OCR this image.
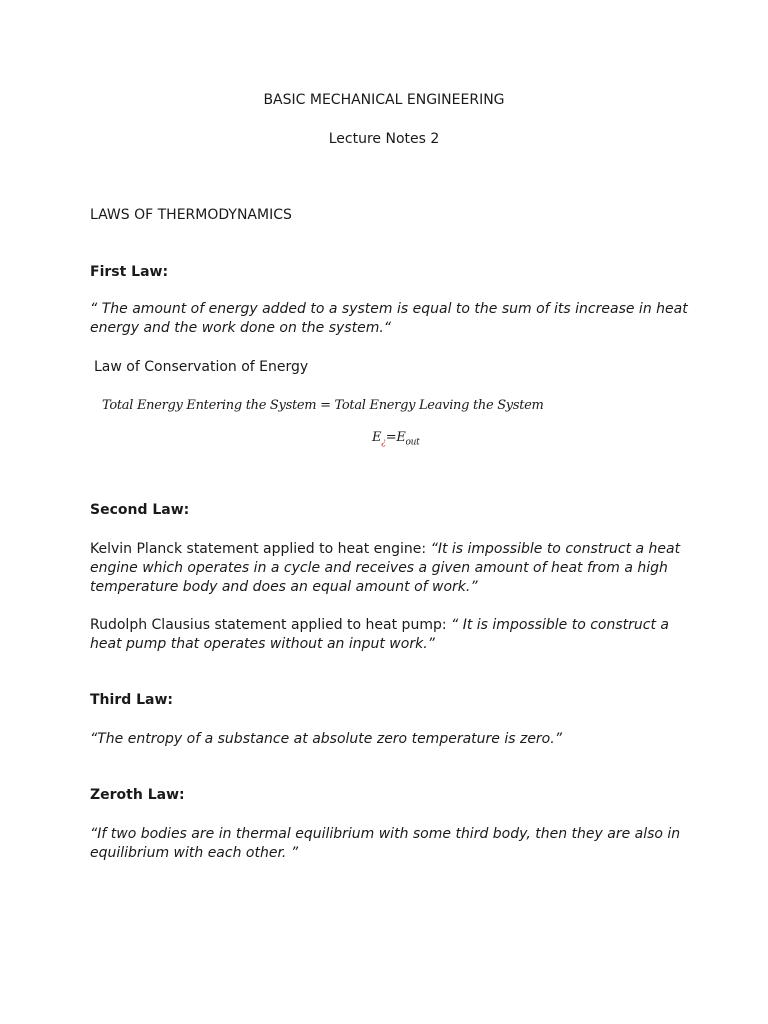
BASIC MECHANICAL ENGINEERING
Lecture Notes 2
LAWS OF THERMODYNAMICS
First Law:
“ The amount of energy added to a system is equal to the sum of its increase in heat energy and the work done on the system.“
Law of Conservation of Energy
Total Energy Entering the System = Total Energy Leaving the System
$E_¿=E_{out}$
Second Law:
Kelvin Planck statement applied to heat engine: “It is impossible to construct a heat engine which operates in a cycle and receives a given amount of heat from a high temperature body and does an equal amount of work.”
Rudolph Clausius statement applied to heat pump: “ It is impossible to construct a heat pump that operates without an input work.”
Third Law:
“The entropy of a substance at absolute zero temperature is zero.”
Zeroth Law:
“If two bodies are in thermal equilibrium with some third body, then they are also in equilibrium with each other. ”
